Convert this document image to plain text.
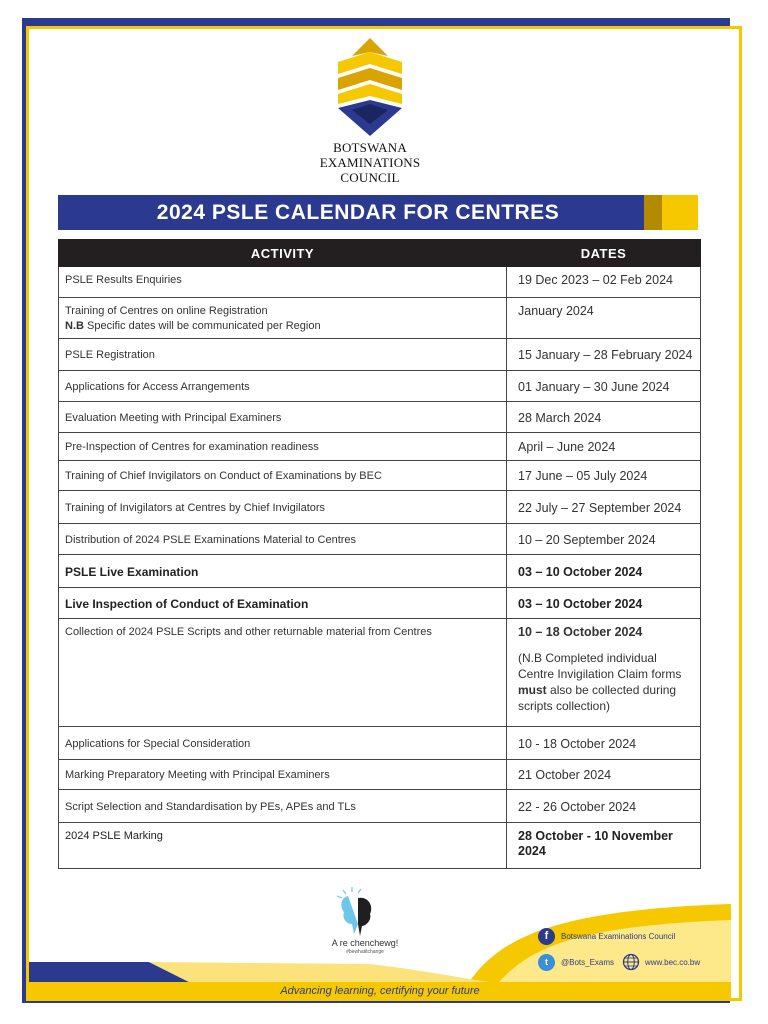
BOTSWANA
EXAMINATIONS
COUNCIL
2024 PSLE CALENDAR FOR CENTRES
ACTIVITY	DATES
PSLE Results Enquiries	19 Dec 2023 – 02 Feb 2024

Training of Centres on online Registration
N.B Specific dates will be communicated per Region	January 2024
PSLE Registration	15 January – 28 February 2024
Applications for Access Arrangements	01 January – 30 June 2024
Evaluation Meeting with Principal Examiners	28 March 2024
Pre-Inspection of Centres for examination readiness	April – June 2024
Training of Chief Invigilators on Conduct of Examinations by BEC	17 June – 05 July 2024
Training of Invigilators at Centres by Chief Invigilators	22 July – 27 September 2024
Distribution of 2024 PSLE Examinations Material to Centres	10 – 20 September 2024
PSLE Live Examination	03 – 10 October 2024
Live Inspection of Conduct of Examination	03 – 10 October 2024
Collection of 2024 PSLE Scripts and other returnable material from Centres	10 – 18 October 2024
(N.B Completed individual Centre Invigilation Claim forms must also be collected during scripts collection)

Applications for Special Consideration	10 - 18 October 2024
Marking Preparatory Meeting with Principal Examiners	21 October 2024
Script Selection and Standardisation by PEs, APEs and TLs	22 - 26 October 2024
2024 PSLE Marking	28 October - 10 November 2024
A re chenchewg!
#bewhatitchange
f	Botswana Examinations Council
t	@Bots_Exams	www.bec.co.bw
Advancing learning, certifying your future
